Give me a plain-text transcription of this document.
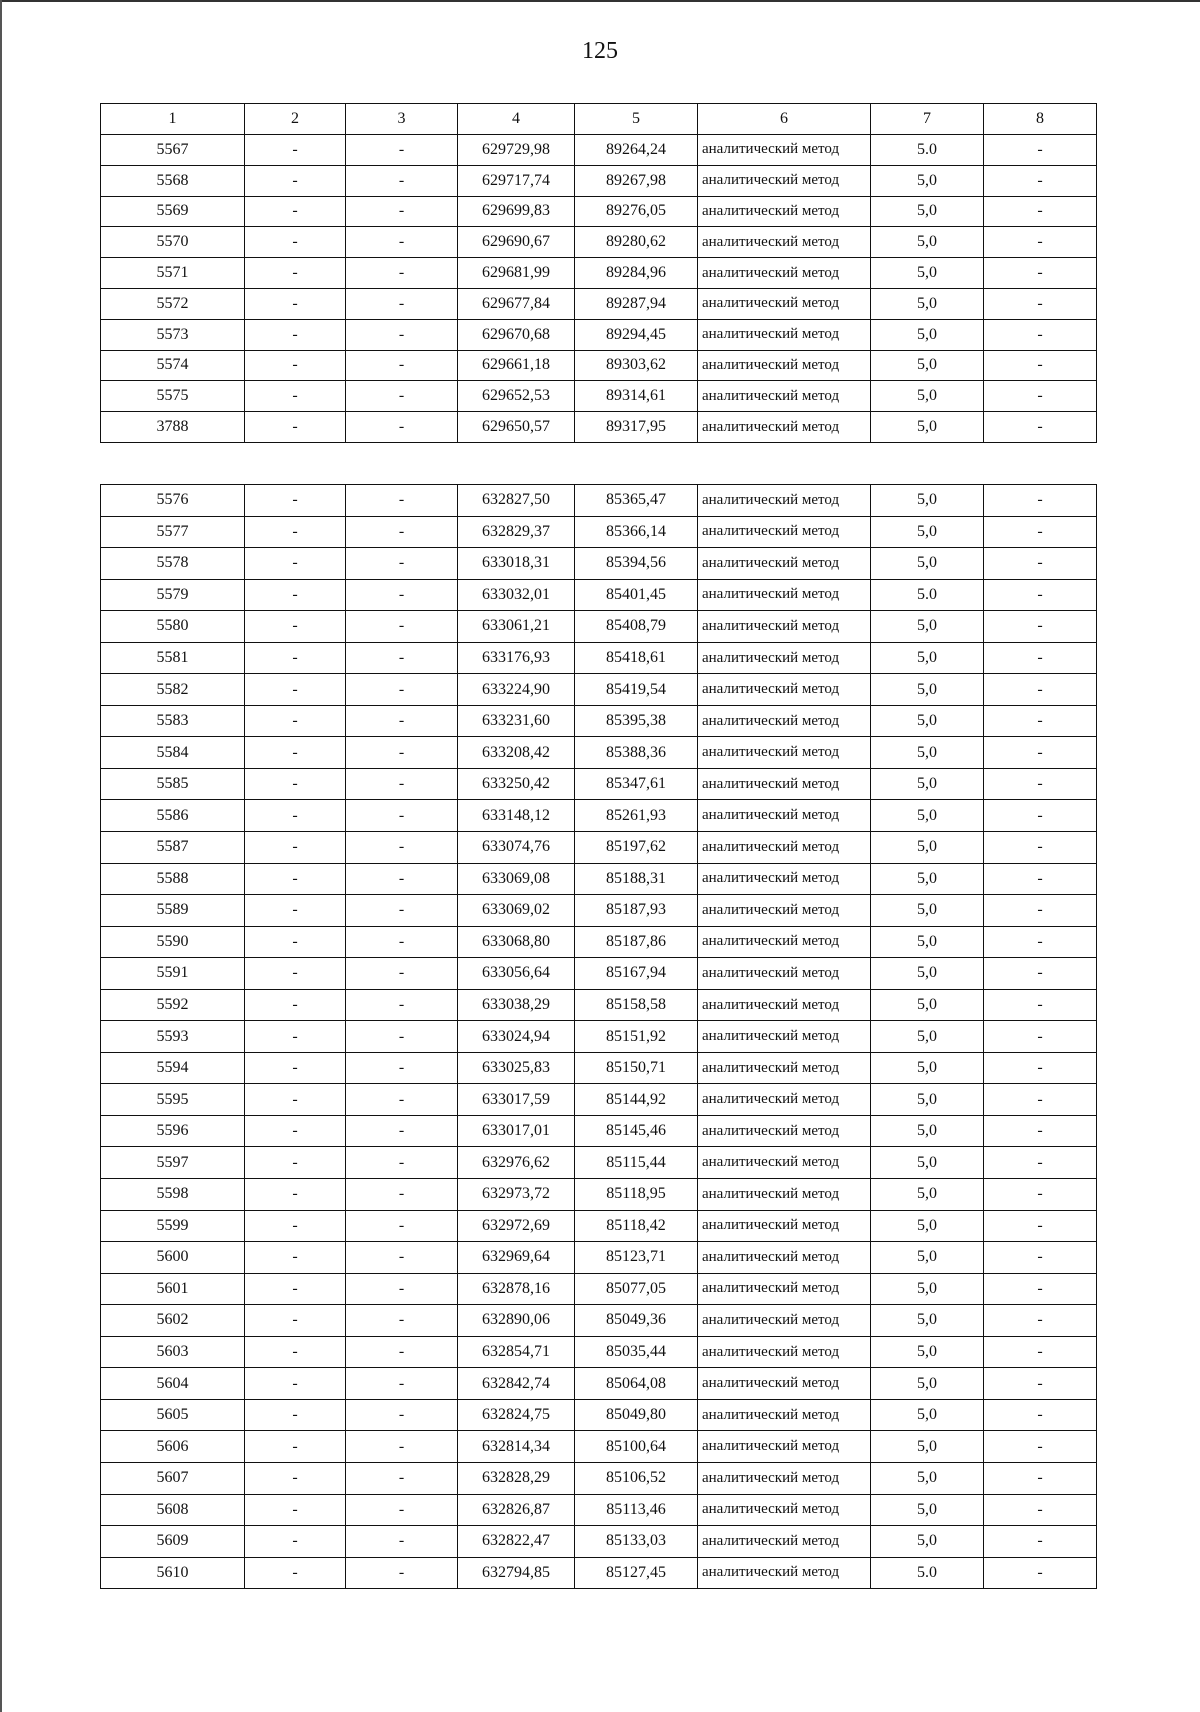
125
1	2	3	4	5	6	7	8
5567	-	-	629729,98	89264,24	аналитический метод	5.0	-
5568	-	-	629717,74	89267,98	аналитический метод	5,0	-
5569	-	-	629699,83	89276,05	аналитический метод	5,0	-
5570	-	-	629690,67	89280,62	аналитический метод	5,0	-
5571	-	-	629681,99	89284,96	аналитический метод	5,0	-
5572	-	-	629677,84	89287,94	аналитический метод	5,0	-
5573	-	-	629670,68	89294,45	аналитический метод	5,0	-
5574	-	-	629661,18	89303,62	аналитический метод	5,0	-
5575	-	-	629652,53	89314,61	аналитический метод	5,0	-
3788	-	-	629650,57	89317,95	аналитический метод	5,0	-
5576	-	-	632827,50	85365,47	аналитический метод	5,0	-
5577	-	-	632829,37	85366,14	аналитический метод	5,0	-
5578	-	-	633018,31	85394,56	аналитический метод	5,0	-
5579	-	-	633032,01	85401,45	аналитический метод	5.0	-
5580	-	-	633061,21	85408,79	аналитический метод	5,0	-
5581	-	-	633176,93	85418,61	аналитический метод	5,0	-
5582	-	-	633224,90	85419,54	аналитический метод	5,0	-
5583	-	-	633231,60	85395,38	аналитический метод	5,0	-
5584	-	-	633208,42	85388,36	аналитический метод	5,0	-
5585	-	-	633250,42	85347,61	аналитический метод	5,0	-
5586	-	-	633148,12	85261,93	аналитический метод	5,0	-
5587	-	-	633074,76	85197,62	аналитический метод	5,0	-
5588	-	-	633069,08	85188,31	аналитический метод	5,0	-
5589	-	-	633069,02	85187,93	аналитический метод	5,0	-
5590	-	-	633068,80	85187,86	аналитический метод	5,0	-
5591	-	-	633056,64	85167,94	аналитический метод	5,0	-
5592	-	-	633038,29	85158,58	аналитический метод	5,0	-
5593	-	-	633024,94	85151,92	аналитический метод	5,0	-
5594	-	-	633025,83	85150,71	аналитический метод	5,0	-
5595	-	-	633017,59	85144,92	аналитический метод	5,0	-
5596	-	-	633017,01	85145,46	аналитический метод	5,0	-
5597	-	-	632976,62	85115,44	аналитический метод	5,0	-
5598	-	-	632973,72	85118,95	аналитический метод	5,0	-
5599	-	-	632972,69	85118,42	аналитический метод	5,0	-
5600	-	-	632969,64	85123,71	аналитический метод	5,0	-
5601	-	-	632878,16	85077,05	аналитический метод	5,0	-
5602	-	-	632890,06	85049,36	аналитический метод	5,0	-
5603	-	-	632854,71	85035,44	аналитический метод	5,0	-
5604	-	-	632842,74	85064,08	аналитический метод	5,0	-
5605	-	-	632824,75	85049,80	аналитический метод	5,0	-
5606	-	-	632814,34	85100,64	аналитический метод	5,0	-
5607	-	-	632828,29	85106,52	аналитический метод	5,0	-
5608	-	-	632826,87	85113,46	аналитический метод	5,0	-
5609	-	-	632822,47	85133,03	аналитический метод	5,0	-
5610	-	-	632794,85	85127,45	аналитический метод	5.0	-
